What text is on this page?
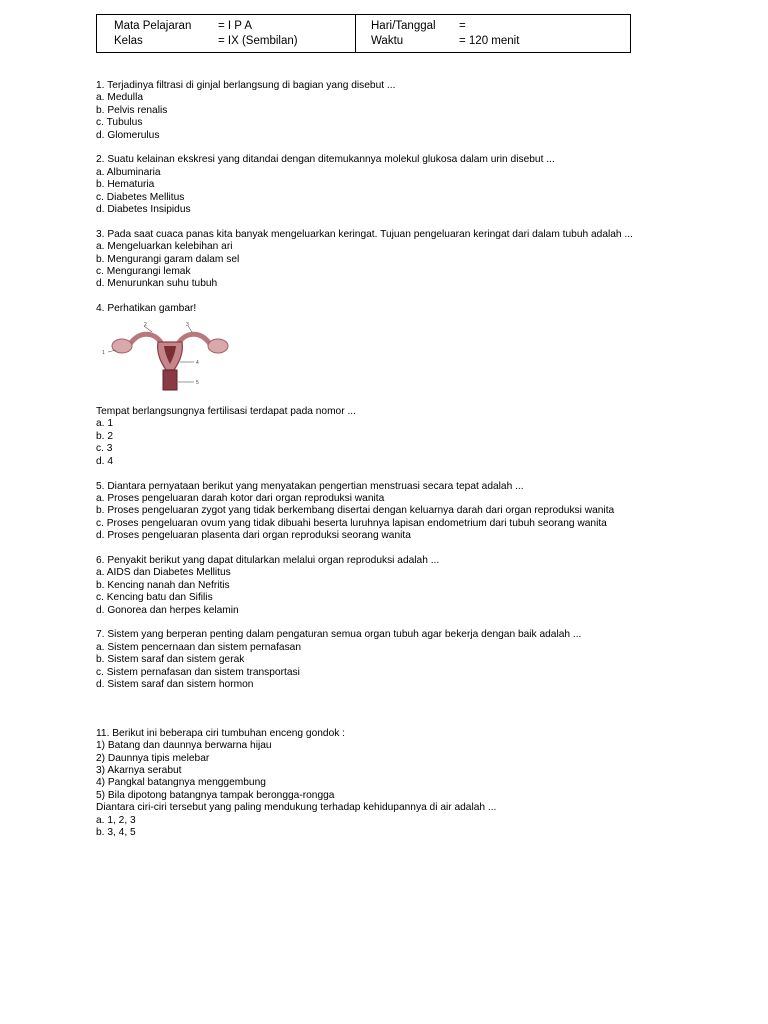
Mata Pelajaran = I P A
Kelas	= IX (Sembilan)
Hari/Tanggal =
Waktu	= 120 menit

1. Terjadinya filtrasi di ginjal berlangsung di bagian yang disebut ...

a. Medulla

b. Pelvis renalis

c. Tubulus

d. Glomerulus

2. Suatu kelainan ekskresi yang ditandai dengan ditemukannya molekul glukosa dalam urin disebut ...

a. Albuminaria

b. Hematuria

c. Diabetes Mellitus

d. Diabetes Insipidus

3. Pada saat cuaca panas kita banyak mengeluarkan keringat. Tujuan pengeluaran keringat dari dalam tubuh adalah ...

a. Mengeluarkan kelebihan ari

b. Mengurangi garam dalam sel

c. Mengurangi lemak

d. Menurunkan suhu tubuh

4. Perhatikan gambar!

1
2	3
4
5

Tempat berlangsungnya fertilisasi terdapat pada nomor ...

a. 1

b. 2

c. 3

d. 4

5. Diantara pernyataan berikut yang menyatakan pengertian menstruasi secara tepat adalah ...

a. Proses pengeluaran darah kotor dari organ reproduksi wanita

b. Proses pengeluaran zygot yang tidak berkembang disertai dengan keluarnya darah dari organ reproduksi wanita

c. Proses pengeluaran ovum yang tidak dibuahi beserta luruhnya lapisan endometrium dari tubuh seorang wanita

d. Proses pengeluaran plasenta dari organ reproduksi seorang wanita

6. Penyakit berikut yang dapat ditularkan melalui organ reproduksi adalah ...

a. AIDS dan Diabetes Mellitus

b. Kencing nanah dan Nefritis

c. Kencing batu dan Sifilis

d. Gonorea dan herpes kelamin

7. Sistem yang berperan penting dalam pengaturan semua organ tubuh agar bekerja dengan baik adalah ...

a. Sistem pencernaan dan sistem pernafasan

b. Sistem saraf dan sistem gerak

c. Sistem pernafasan dan sistem transportasi

d. Sistem saraf dan sistem hormon

11. Berikut ini beberapa ciri tumbuhan enceng gondok :

1) Batang dan daunnya berwarna hijau

2) Daunnya tipis melebar

3) Akarnya serabut

4) Pangkal batangnya menggembung

5) Bila dipotong batangnya tampak berongga-rongga

Diantara ciri-ciri tersebut yang paling mendukung terhadap kehidupannya di air adalah ...

a. 1, 2, 3

b. 3, 4, 5
